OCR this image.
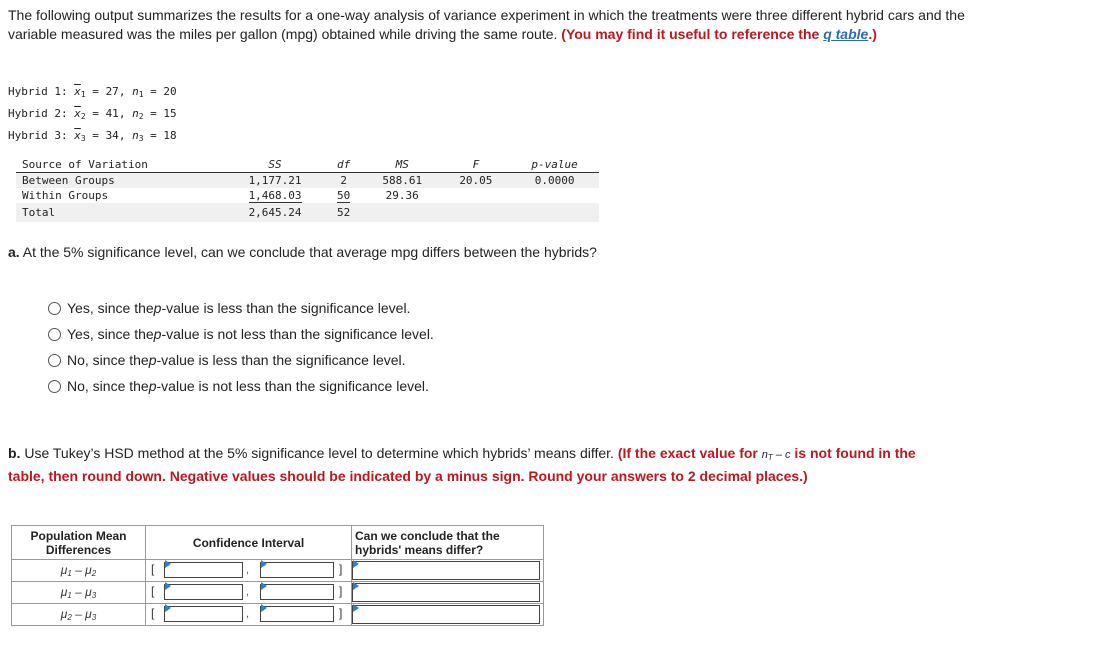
The following output summarizes the results for a one-way analysis of variance experiment in which the treatments were three different hybrid cars and the variable measured was the miles per gallon (mpg) obtained while driving the same route. (You may find it useful to reference the q table.)
Hybrid 1: $\overline{x}_1 = 27$, $n_1 = 20$
Hybrid 2: $\overline{x}_2 = 41$, $n_2 = 15$
Hybrid 3: $\overline{x}_3 = 34$, $n_3 = 18$
Source of Variation	SS	df	MS	F	p-value
Between Groups	1,177.21	2	588.61	20.05	0.0000
Within Groups	1,468.03	50	29.36		
Total	2,645.24	52			
a. At the 5% significance level, can we conclude that average mpg differs between the hybrids?
Yes, since the p -value is less than the significance level.
Yes, since the p -value is not less than the significance level.
No, since the p -value is less than the significance level.
No, since the p -value is not less than the significance level.
b. Use Tukey’s HSD method at the 5% significance level to determine which hybrids’ means differ. (If the exact value for $n_T$ – c is not found in the table, then round down. Negative values should be indicated by a minus sign. Round your answers to 2 decimal places.)
Population Mean Differences	Confidence Interval	Can we conclude that the hybrids' means differ?
$\mu_1 - \mu_2$	[ , ]	

$\mu_1 - \mu_3$	[ , ]	

$\mu_2 - \mu_3$	[ , ]	
